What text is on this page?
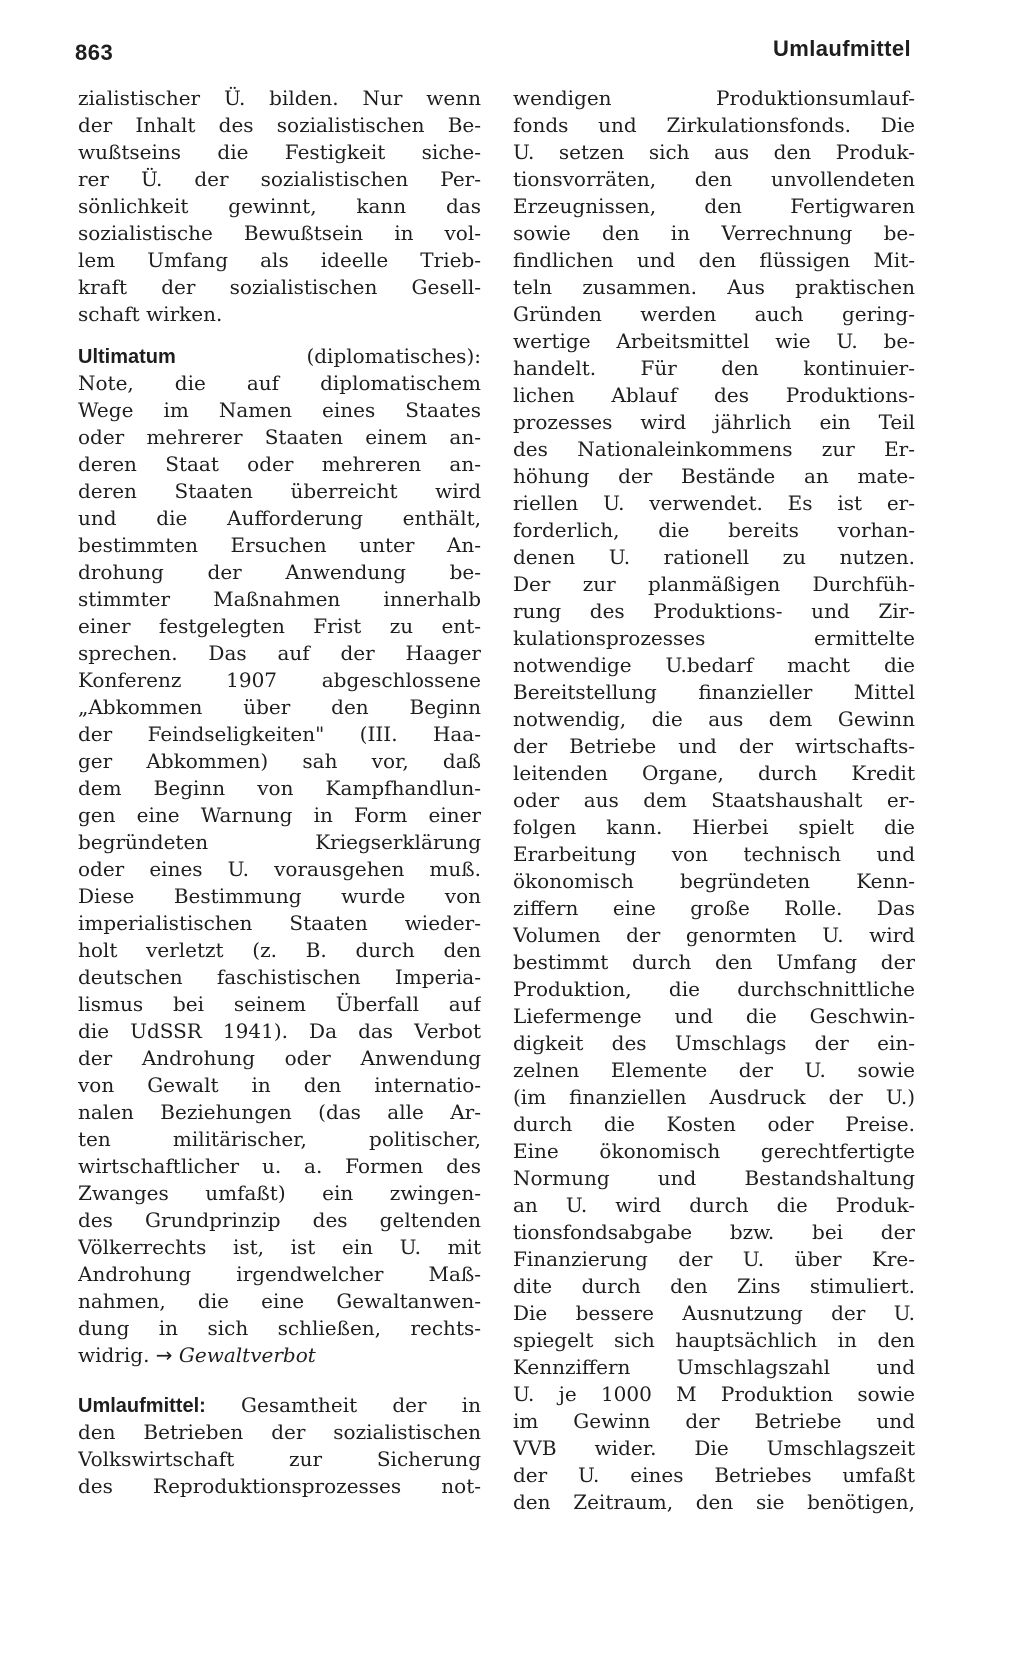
863	Umlaufmittel
zialistischer Ü. bilden. Nur wenn
der Inhalt des sozialistischen Be-
wußtseins die Festigkeit siche-
rer Ü. der sozialistischen Per-
sönlichkeit gewinnt, kann das
sozialistische Bewußtsein in vol-
lem Umfang als ideelle Trieb-
kraft der sozialistischen Gesell-
schaft wirken.
Ultimatum	(diplomatisches):
Note, die auf diplomatischem
Wege im Namen eines Staates
oder mehrerer Staaten einem an-
deren Staat oder mehreren an-
deren Staaten überreicht wird
und die Aufforderung enthält,
bestimmten Ersuchen unter An-
drohung der Anwendung be-
stimmter Maßnahmen innerhalb
einer festgelegten Frist zu ent-
sprechen. Das auf der Haager
Konferenz 1907 abgeschlossene
„Abkommen über den Beginn
der Feindseligkeiten" (III. Haa-
ger Abkommen) sah vor, daß
dem Beginn von Kampfhandlun-
gen eine Warnung in Form einer
begründeten Kriegserklärung
oder eines U. vorausgehen muß.
Diese Bestimmung wurde von
imperialistischen Staaten wieder-
holt verletzt (z. B. durch den
deutschen faschistischen Imperia-
lismus bei seinem Überfall auf
die UdSSR 1941). Da das Verbot
der Androhung oder Anwendung
von Gewalt in den internatio-
nalen Beziehungen (das alle Ar-
ten militärischer, politischer,
wirtschaftlicher u. a. Formen des
Zwanges umfaßt) ein zwingen-
des Grundprinzip des geltenden
Völkerrechts ist, ist ein U. mit
Androhung irgendwelcher Maß-
nahmen, die eine Gewaltanwen-
dung in sich schließen, rechts-
widrig. → Gewaltverbot
Umlaufmittel: Gesamtheit der in
den Betrieben der sozialistischen
Volkswirtschaft zur Sicherung
des Reproduktionsprozesses not-
wendigen Produktionsumlauf-
fonds und Zirkulationsfonds. Die
U. setzen sich aus den Produk-
tionsvorräten, den unvollendeten
Erzeugnissen, den Fertigwaren
sowie den in Verrechnung be-
findlichen und den flüssigen Mit-
teln zusammen. Aus praktischen
Gründen werden auch gering-
wertige Arbeitsmittel wie U. be-
handelt. Für den kontinuier-
lichen Ablauf des Produktions-
prozesses wird jährlich ein Teil
des Nationaleinkommens zur Er-
höhung der Bestände an mate-
riellen U. verwendet. Es ist er-
forderlich, die bereits vorhan-
denen U. rationell zu nutzen.
Der zur planmäßigen Durchfüh-
rung des Produktions- und Zir-
kulationsprozesses ermittelte
notwendige U.bedarf macht die
Bereitstellung finanzieller Mittel
notwendig, die aus dem Gewinn
der Betriebe und der wirtschafts-
leitenden Organe, durch Kredit
oder aus dem Staatshaushalt er-
folgen kann. Hierbei spielt die
Erarbeitung von technisch und
ökonomisch begründeten Kenn-
ziffern eine große Rolle. Das
Volumen der genormten U. wird
bestimmt durch den Umfang der
Produktion, die durchschnittliche
Liefermenge und die Geschwin-
digkeit des Umschlags der ein-
zelnen Elemente der U. sowie
(im finanziellen Ausdruck der U.)
durch die Kosten oder Preise.
Eine ökonomisch gerechtfertigte
Normung und Bestandshaltung
an U. wird durch die Produk-
tionsfondsabgabe bzw. bei der
Finanzierung der U. über Kre-
dite durch den Zins stimuliert.
Die bessere Ausnutzung der U.
spiegelt sich hauptsächlich in den
Kennziffern Umschlagszahl und
U. je 1000 M Produktion sowie
im Gewinn der Betriebe und
VVB wider. Die Umschlagszeit
der U. eines Betriebes umfaßt
den Zeitraum, den sie benötigen,
